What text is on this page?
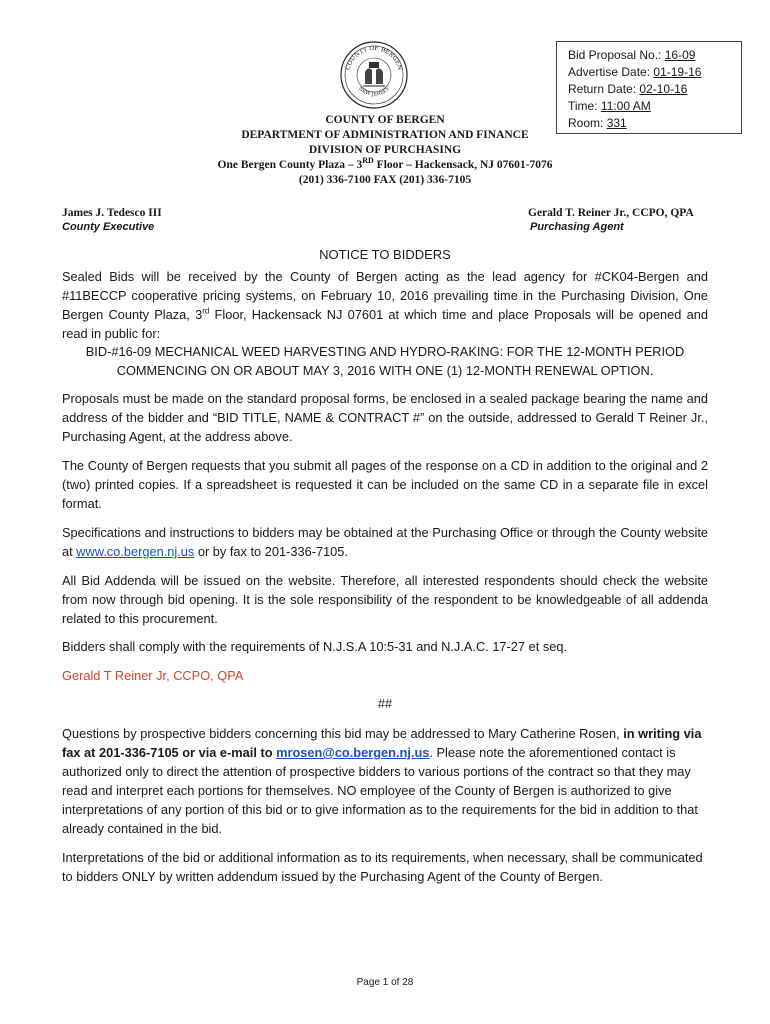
COUNTY OF BERGEN
NEW JERSEY
Bid Proposal No.: 16-09
Advertise Date: 01-19-16
Return Date: 02-10-16
Time: 11:00 AM
Room: 331
COUNTY OF BERGEN
DEPARTMENT OF ADMINISTRATION AND FINANCE
DIVISION OF PURCHASING
One Bergen County Plaza – 3RD Floor – Hackensack, NJ 07601-7076
(201) 336-7100 FAX (201) 336-7105
James J. Tedesco III
County Executive
Gerald T. Reiner Jr., CCPO, QPA
Purchasing Agent
NOTICE TO BIDDERS
Sealed Bids will be received by the County of Bergen acting as the lead agency for #CK04-Bergen and #11BECCP cooperative pricing systems, on February 10, 2016 prevailing time in the Purchasing Division, One Bergen County Plaza, 3rd Floor, Hackensack NJ 07601 at which time and place Proposals will be opened and read in public for:
BID-#16-09 MECHANICAL WEED HARVESTING AND HYDRO-RAKING: FOR THE 12-MONTH PERIOD COMMENCING ON OR ABOUT MAY 3, 2016 WITH ONE (1) 12-MONTH RENEWAL OPTION.
Proposals must be made on the standard proposal forms, be enclosed in a sealed package bearing the name and address of the bidder and “BID TITLE, NAME & CONTRACT #” on the outside, addressed to Gerald T Reiner Jr., Purchasing Agent, at the address above.
The County of Bergen requests that you submit all pages of the response on a CD in addition to the original and 2 (two) printed copies. If a spreadsheet is requested it can be included on the same CD in a separate file in excel format.
Specifications and instructions to bidders may be obtained at the Purchasing Office or through the County website at www.co.bergen.nj.us or by fax to 201-336-7105.
All Bid Addenda will be issued on the website. Therefore, all interested respondents should check the website from now through bid opening. It is the sole responsibility of the respondent to be knowledgeable of all addenda related to this procurement.
Bidders shall comply with the requirements of N.J.S.A 10:5-31 and N.J.A.C. 17-27 et seq.
Gerald T Reiner Jr, CCPO, QPA
##
Questions by prospective bidders concerning this bid may be addressed to Mary Catherine Rosen, in writing via fax at 201-336-7105 or via e-mail to mrosen@co.bergen.nj.us. Please note the aforementioned contact is authorized only to direct the attention of prospective bidders to various portions of the contract so that they may read and interpret each portions for themselves. NO employee of the County of Bergen is authorized to give interpretations of any portion of this bid or to give information as to the requirements for the bid in addition to that already contained in the bid.
Interpretations of the bid or additional information as to its requirements, when necessary, shall be communicated to bidders ONLY by written addendum issued by the Purchasing Agent of the County of Bergen.
Page 1 of 28
